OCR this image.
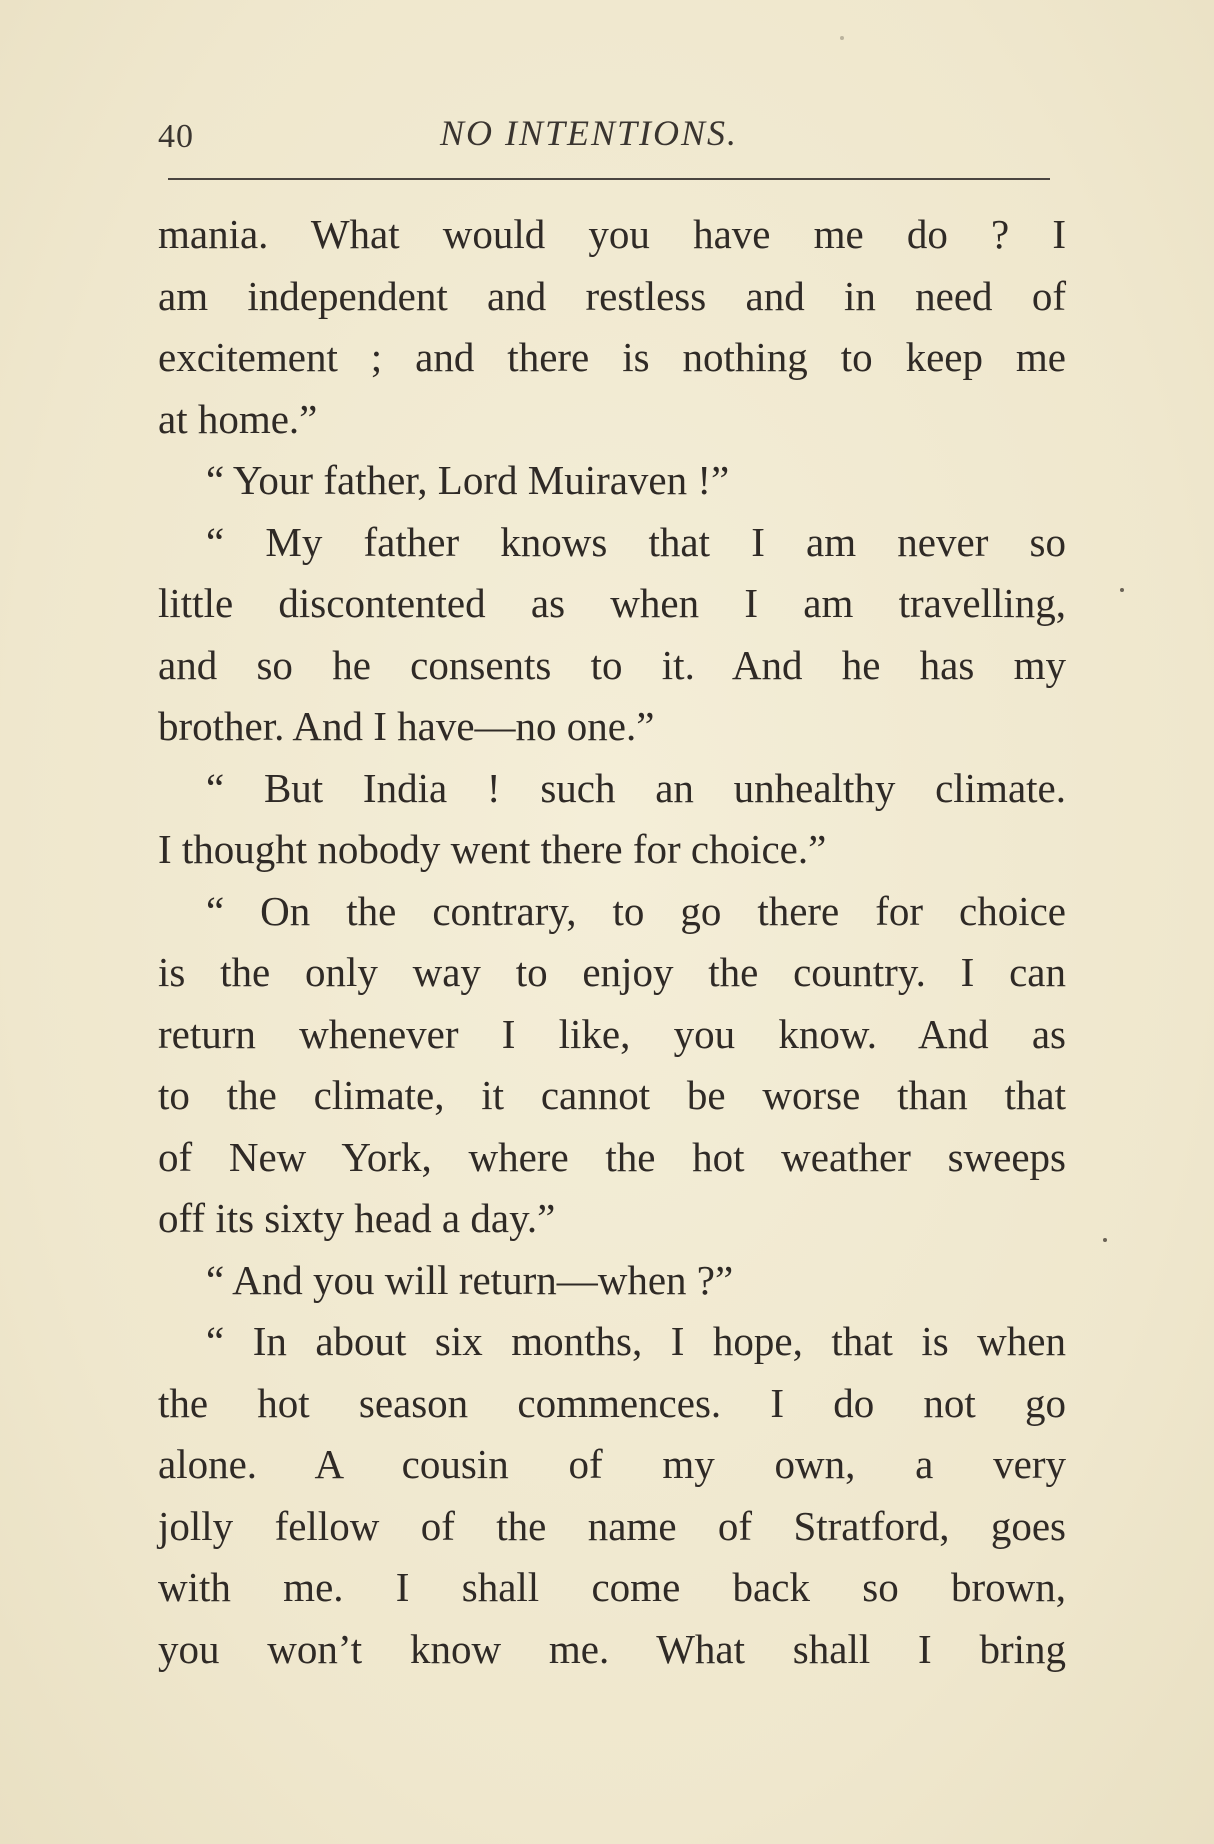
40	NO INTENTIONS.
mania. What would you have me do ? I
am independent and restless and in need of
excitement ; and there is nothing to keep me
at home.”
“ Your father, Lord Muiraven !”
“ My father knows that I am never so
little discontented as when I am travelling,
and so he consents to it. And he has my
brother. And I have—no one.”
“ But India ! such an unhealthy climate.
I thought nobody went there for choice.”
“ On the contrary, to go there for choice
is the only way to enjoy the country. I can
return whenever I like, you know. And as
to the climate, it cannot be worse than that
of New York, where the hot weather sweeps
off its sixty head a day.”
“ And you will return—when ?”
“ In about six months, I hope, that is when
the hot season commences. I do not go
alone. A cousin of my own, a very
jolly fellow of the name of Stratford, goes
with me. I shall come back so brown,
you won’t know me. What shall I bring
